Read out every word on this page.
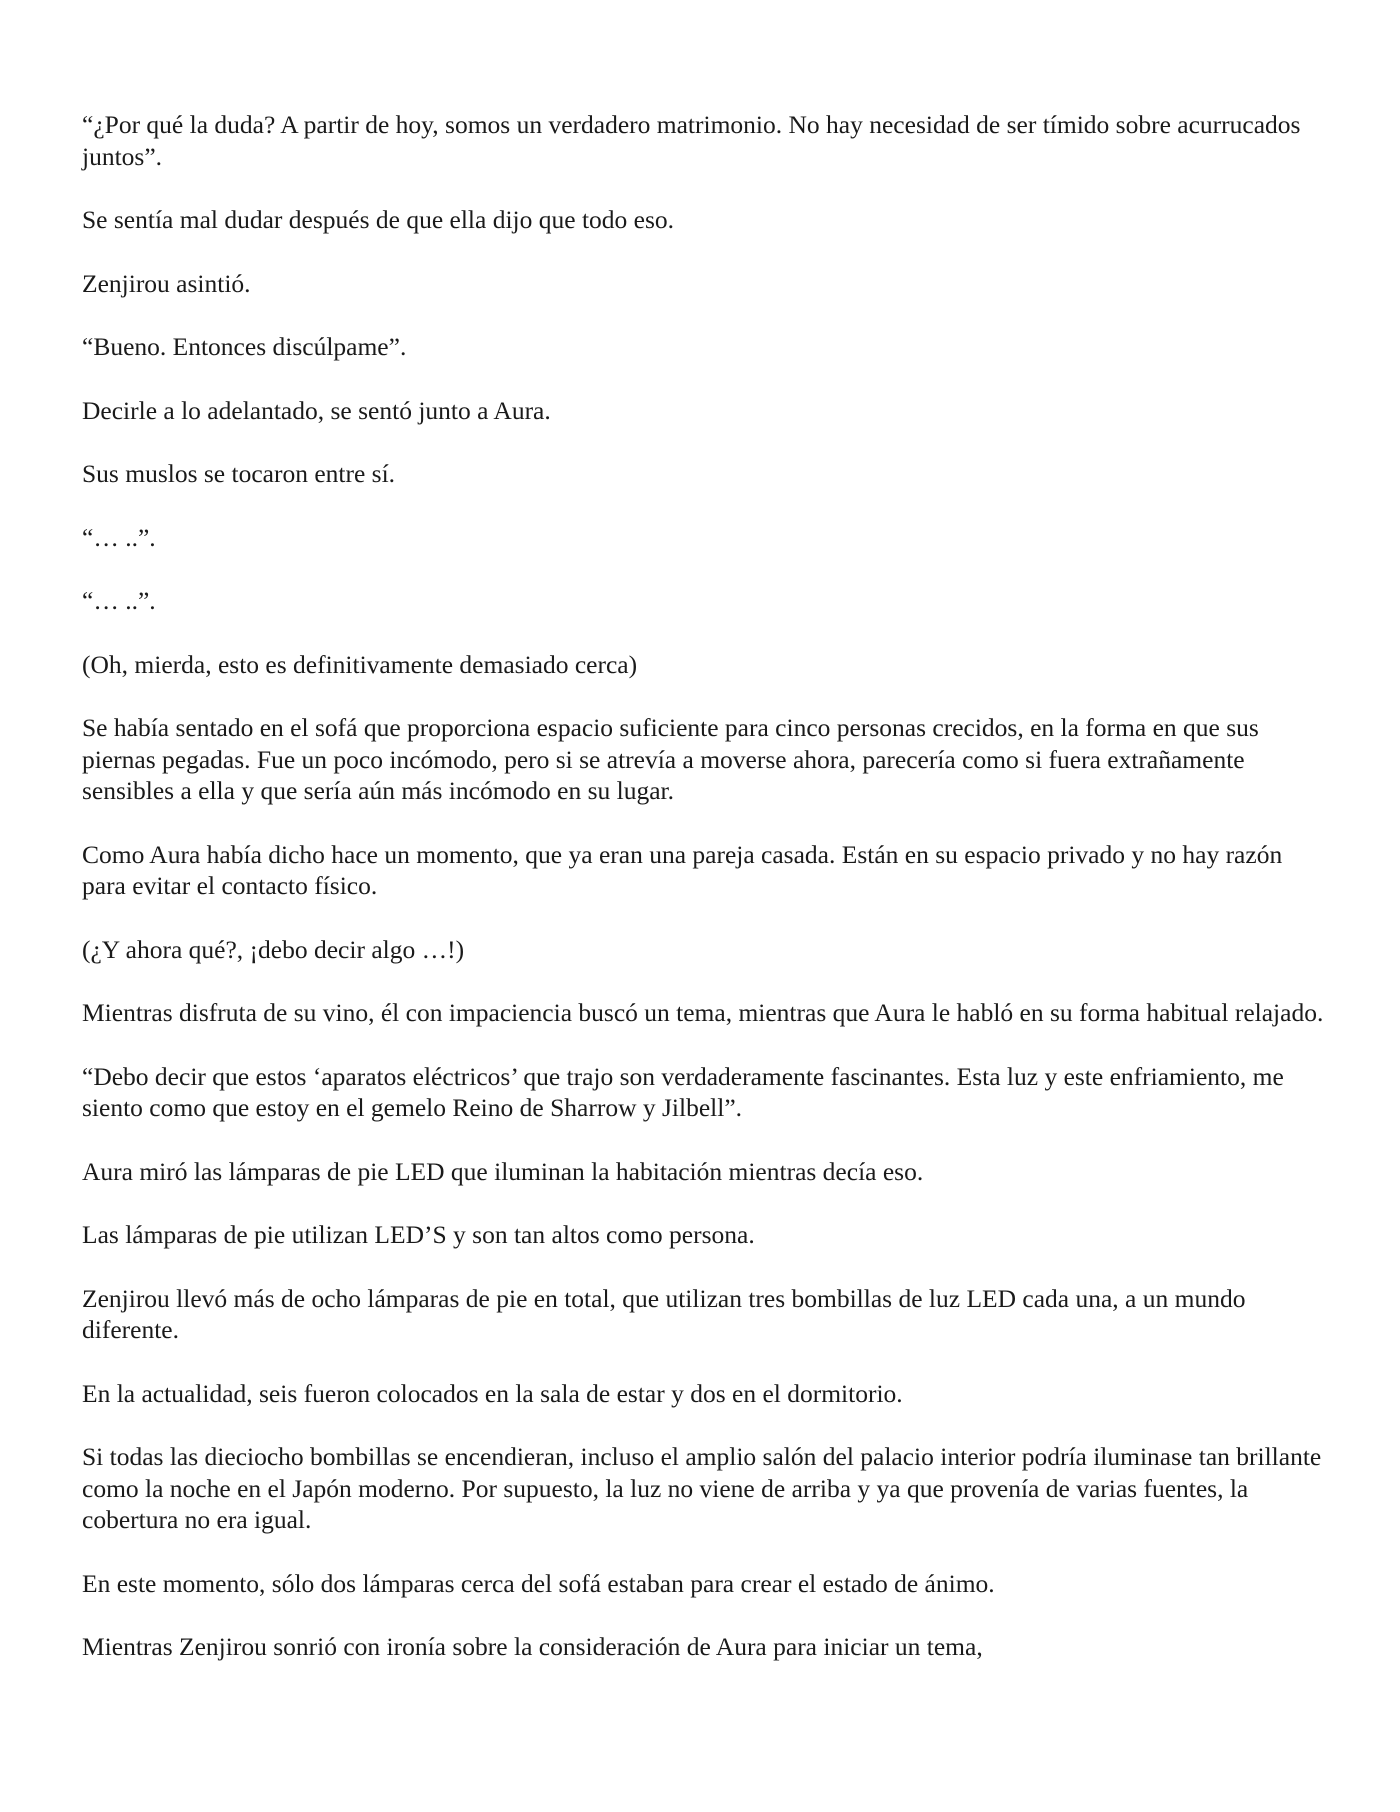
“¿Por qué la duda? A partir de hoy, somos un verdadero matrimonio. No hay necesidad de ser tímido sobre acurrucados juntos”.

Se sentía mal dudar después de que ella dijo que todo eso.

Zenjirou asintió.

“Bueno. Entonces discúlpame”.

Decirle a lo adelantado, se sentó junto a Aura.

Sus muslos se tocaron entre sí.

“… ..”.

“… ..”.

(Oh, mierda, esto es definitivamente demasiado cerca)

Se había sentado en el sofá que proporciona espacio suficiente para cinco personas crecidos, en la forma en que sus piernas pegadas. Fue un poco incómodo, pero si se atrevía a moverse ahora, parecería como si fuera extrañamente sensibles a ella y que sería aún más incómodo en su lugar.

Como Aura había dicho hace un momento, que ya eran una pareja casada. Están en su espacio privado y no hay razón para evitar el contacto físico.

(¿Y ahora qué?, ¡debo decir algo …!)

Mientras disfruta de su vino, él con impaciencia buscó un tema, mientras que Aura le habló en su forma habitual relajado.

“Debo decir que estos ‘aparatos eléctricos’ que trajo son verdaderamente fascinantes. Esta luz y este enfriamiento, me siento como que estoy en el gemelo Reino de Sharrow y Jilbell”.

Aura miró las lámparas de pie LED que iluminan la habitación mientras decía eso.

Las lámparas de pie utilizan LED’S y son tan altos como persona.

Zenjirou llevó más de ocho lámparas de pie en total, que utilizan tres bombillas de luz LED cada una, a un mundo diferente.

En la actualidad, seis fueron colocados en la sala de estar y dos en el dormitorio.

Si todas las dieciocho bombillas se encendieran, incluso el amplio salón del palacio interior podría iluminase tan brillante como la noche en el Japón moderno. Por supuesto, la luz no viene de arriba y ya que provenía de varias fuentes, la cobertura no era igual.

En este momento, sólo dos lámparas cerca del sofá estaban para crear el estado de ánimo.

Mientras Zenjirou sonrió con ironía sobre la consideración de Aura para iniciar un tema,
